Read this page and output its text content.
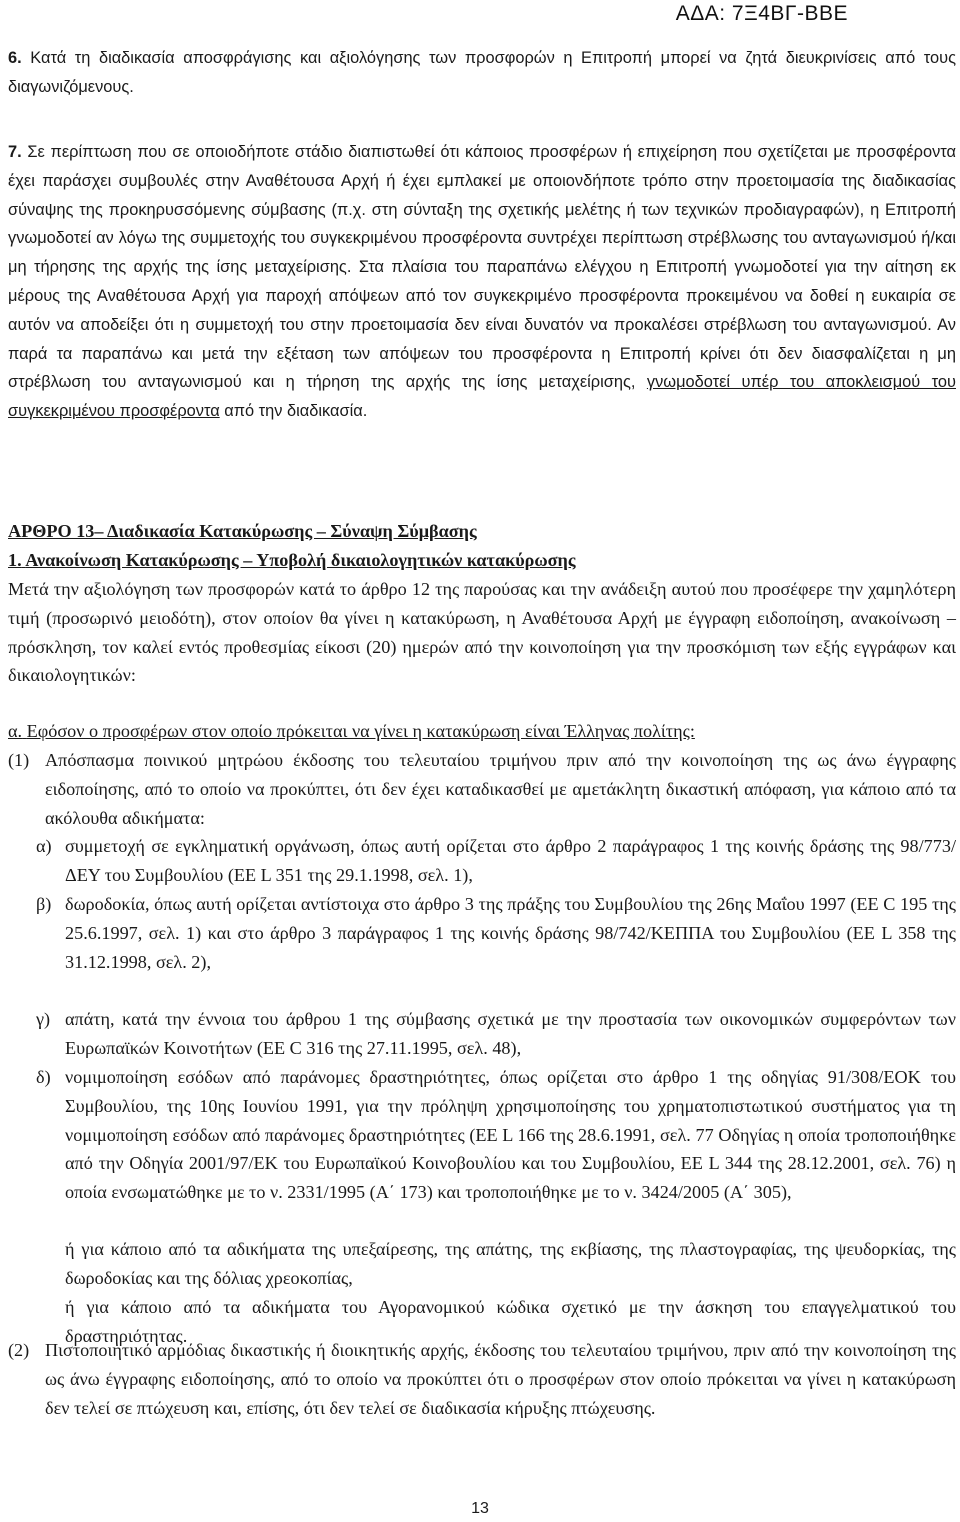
ΑΔΑ: 7Ξ4ΒΓ-ΒΒΕ

6. Κατά τη διαδικασία αποσφράγισης και αξιολόγησης των προσφορών η Επιτροπή μπορεί να ζητά διευκρινίσεις από τους διαγωνιζόμενους.

7. Σε περίπτωση που σε οποιοδήποτε στάδιο διαπιστωθεί ότι κάποιος προσφέρων ή επιχείρηση που σχετίζεται με προσφέροντα έχει παράσχει συμβουλές στην Αναθέτουσα Αρχή ή έχει εμπλακεί με οποιονδήποτε τρόπο στην προετοιμασία της διαδικασίας σύναψης της προκηρυσσόμενης σύμβασης (π.χ. στη σύνταξη της σχετικής μελέτης ή των τεχνικών προδιαγραφών), η Επιτροπή γνωμοδοτεί αν λόγω της συμμετοχής του συγκεκριμένου προσφέροντα συντρέχει περίπτωση στρέβλωσης του ανταγωνισμού ή/και μη τήρησης της αρχής της ίσης μεταχείρισης. Στα πλαίσια του παραπάνω ελέγχου η Επιτροπή γνωμοδοτεί για την αίτηση εκ μέρους της Αναθέτουσα Αρχή για παροχή απόψεων από τον συγκεκριμένο προσφέροντα προκειμένου να δοθεί η ευκαιρία σε αυτόν να αποδείξει ότι η συμμετοχή του στην προετοιμασία δεν είναι δυνατόν να προκαλέσει στρέβλωση του ανταγωνισμού. Αν παρά τα παραπάνω και μετά την εξέταση των απόψεων του προσφέροντα η Επιτροπή κρίνει ότι δεν διασφαλίζεται η μη στρέβλωση του ανταγωνισμού και η τήρηση της αρχής της ίσης μεταχείρισης, γνωμοδοτεί υπέρ του αποκλεισμού του συγκεκριμένου προσφέροντα από την διαδικασία.

ΑΡΘΡΟ 13– Διαδικασία Κατακύρωσης – Σύναψη Σύμβασης

1. Ανακοίνωση Κατακύρωσης – Υποβολή δικαιολογητικών κατακύρωσης

Μετά την αξιολόγηση των προσφορών κατά το άρθρο 12 της παρούσας και την ανάδειξη αυτού που προσέφερε την χαμηλότερη τιμή (προσωρινό μειοδότη), στον οποίον θα γίνει η κατακύρωση, η Αναθέτουσα Αρχή με έγγραφη ειδοποίηση, ανακοίνωση – πρόσκληση, τον καλεί εντός προθεσμίας είκοσι (20) ημερών από την κοινοποίηση για την προσκόμιση των εξής εγγράφων και δικαιολογητικών:

α. Εφόσον ο προσφέρων στον οποίο πρόκειται να γίνει η κατακύρωση είναι Έλληνας πολίτης:

(1) Απόσπασμα ποινικού μητρώου έκδοσης του τελευταίου τριμήνου πριν από την κοινοποίηση της ως άνω έγγραφης ειδοποίησης, από το οποίο να προκύπτει, ότι δεν έχει καταδικασθεί με αμετάκλητη δικαστική απόφαση, για κάποιο από τα ακόλουθα αδικήματα:
α) συμμετοχή σε εγκληματική οργάνωση, όπως αυτή ορίζεται στο άρθρο 2 παράγραφος 1 της κοινής δράσης της 98/773/ΔΕΥ του Συμβουλίου (ΕΕ L 351 της 29.1.1998, σελ. 1),
β) δωροδοκία, όπως αυτή ορίζεται αντίστοιχα στο άρθρο 3 της πράξης του Συμβουλίου της 26ης Μαΐου 1997 (ΕΕ C 195 της 25.6.1997, σελ. 1) και στο άρθρο 3 παράγραφος 1 της κοινής δράσης 98/742/ΚΕΠΠΑ του Συμβουλίου (ΕΕ L 358 της 31.12.1998, σελ. 2),
γ) απάτη, κατά την έννοια του άρθρου 1 της σύμβασης σχετικά με την προστασία των οικονομικών συμφερόντων των Ευρωπαϊκών Κοινοτήτων (ΕΕ C 316 της 27.11.1995, σελ. 48),
δ) νομιμοποίηση εσόδων από παράνομες δραστηριότητες, όπως ορίζεται στο άρθρο 1 της οδηγίας 91/308/ΕΟΚ του Συμβουλίου, της 10ης Ιουνίου 1991, για την πρόληψη χρησιμοποίησης του χρηματοπιστωτικού συστήματος για τη νομιμοποίηση εσόδων από παράνομες δραστηριότητες (ΕΕ L 166 της 28.6.1991, σελ. 77 Οδηγίας η οποία τροποποιήθηκε από την Οδηγία 2001/97/ΕΚ του Ευρωπαϊκού Κοινοβουλίου και του Συμβουλίου, ΕΕ L 344 της 28.12.2001, σελ. 76) η οποία ενσωματώθηκε με το ν. 2331/1995 (Α΄ 173) και τροποποιήθηκε με το ν. 3424/2005 (Α΄ 305),
ή για κάποιο από τα αδικήματα της υπεξαίρεσης, της απάτης, της εκβίασης, της πλαστογραφίας, της ψευδορκίας, της δωροδοκίας και της δόλιας χρεοκοπίας,
ή για κάποιο από τα αδικήματα του Αγορανομικού κώδικα σχετικό με την άσκηση του επαγγελματικού του δραστηριότητας.
(2) Πιστοποιητικό αρμόδιας δικαστικής ή διοικητικής αρχής, έκδοσης του τελευταίου τριμήνου, πριν από την κοινοποίηση της ως άνω έγγραφης ειδοποίησης, από το οποίο να προκύπτει ότι ο προσφέρων στον οποίο πρόκειται να γίνει η κατακύρωση δεν τελεί σε πτώχευση και, επίσης, ότι δεν τελεί σε διαδικασία κήρυξης πτώχευσης.
13
